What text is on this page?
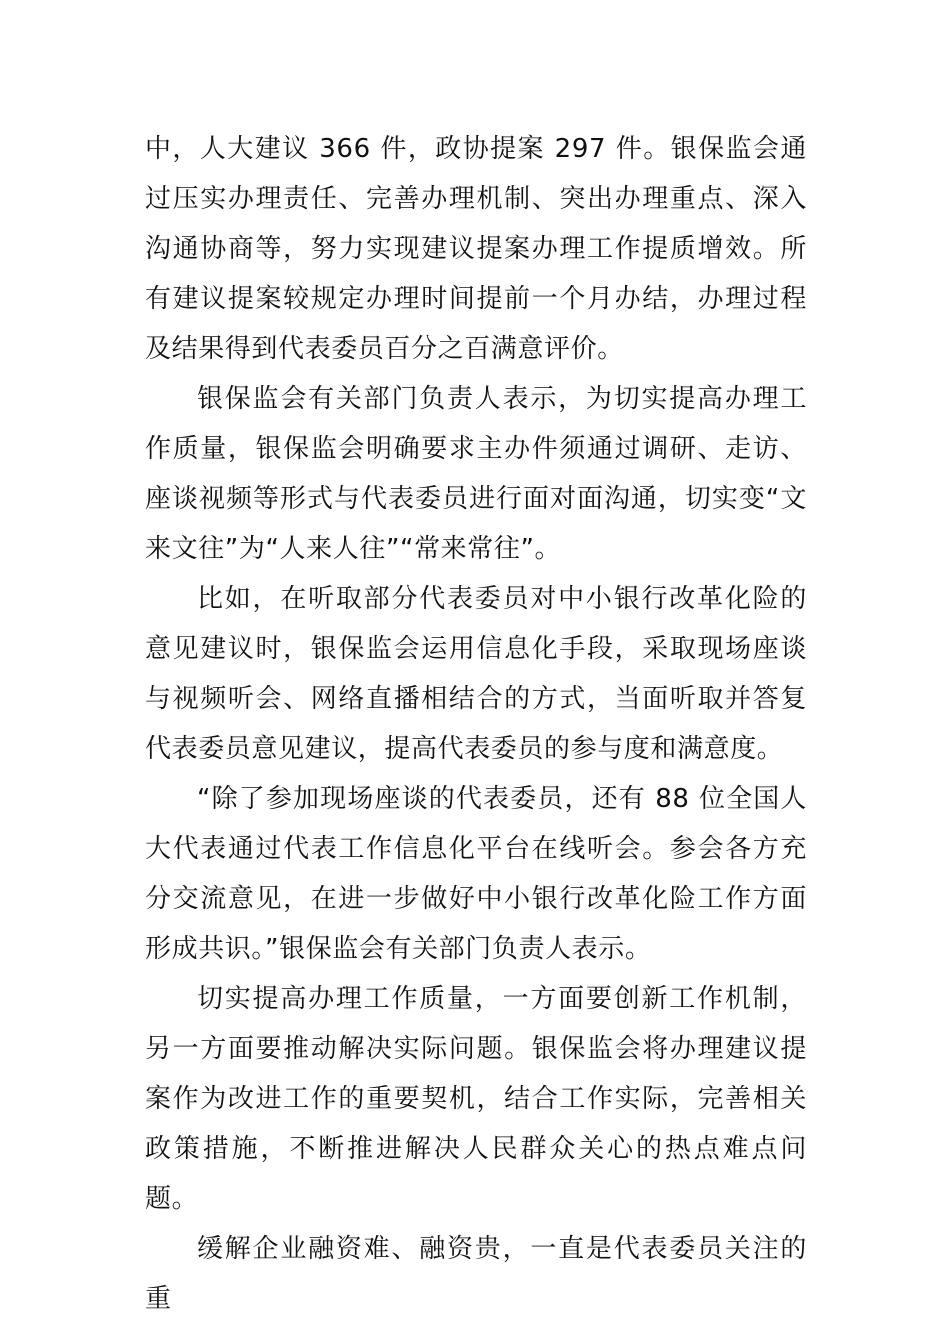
中，人大建议 366 件，政协提案 297 件。银保监会通过压实办理责任、完善办理机制、突出办理重点、深入沟通协商等，努力实现建议提案办理工作提质增效。所有建议提案较规定办理时间提前一个月办结，办理过程及结果得到代表委员百分之百满意评价。

银保监会有关部门负责人表示，为切实提高办理工作质量，银保监会明确要求主办件须通过调研、走访、座谈视频等形式与代表委员进行面对面沟通，切实变“文来文往”为“人来人往”“常来常往”。

比如，在听取部分代表委员对中小银行改革化险的意见建议时，银保监会运用信息化手段，采取现场座谈与视频听会、网络直播相结合的方式，当面听取并答复代表委员意见建议，提高代表委员的参与度和满意度。

“除了参加现场座谈的代表委员，还有 88 位全国人大代表通过代表工作信息化平台在线听会。参会各方充分交流意见，在进一步做好中小银行改革化险工作方面形成共识。”银保监会有关部门负责人表示。

切实提高办理工作质量，一方面要创新工作机制，另一方面要推动解决实际问题。银保监会将办理建议提案作为改进工作的重要契机，结合工作实际，完善相关政策措施，不断推进解决人民群众关心的热点难点问题。

缓解企业融资难、融资贵，一直是代表委员关注的重
